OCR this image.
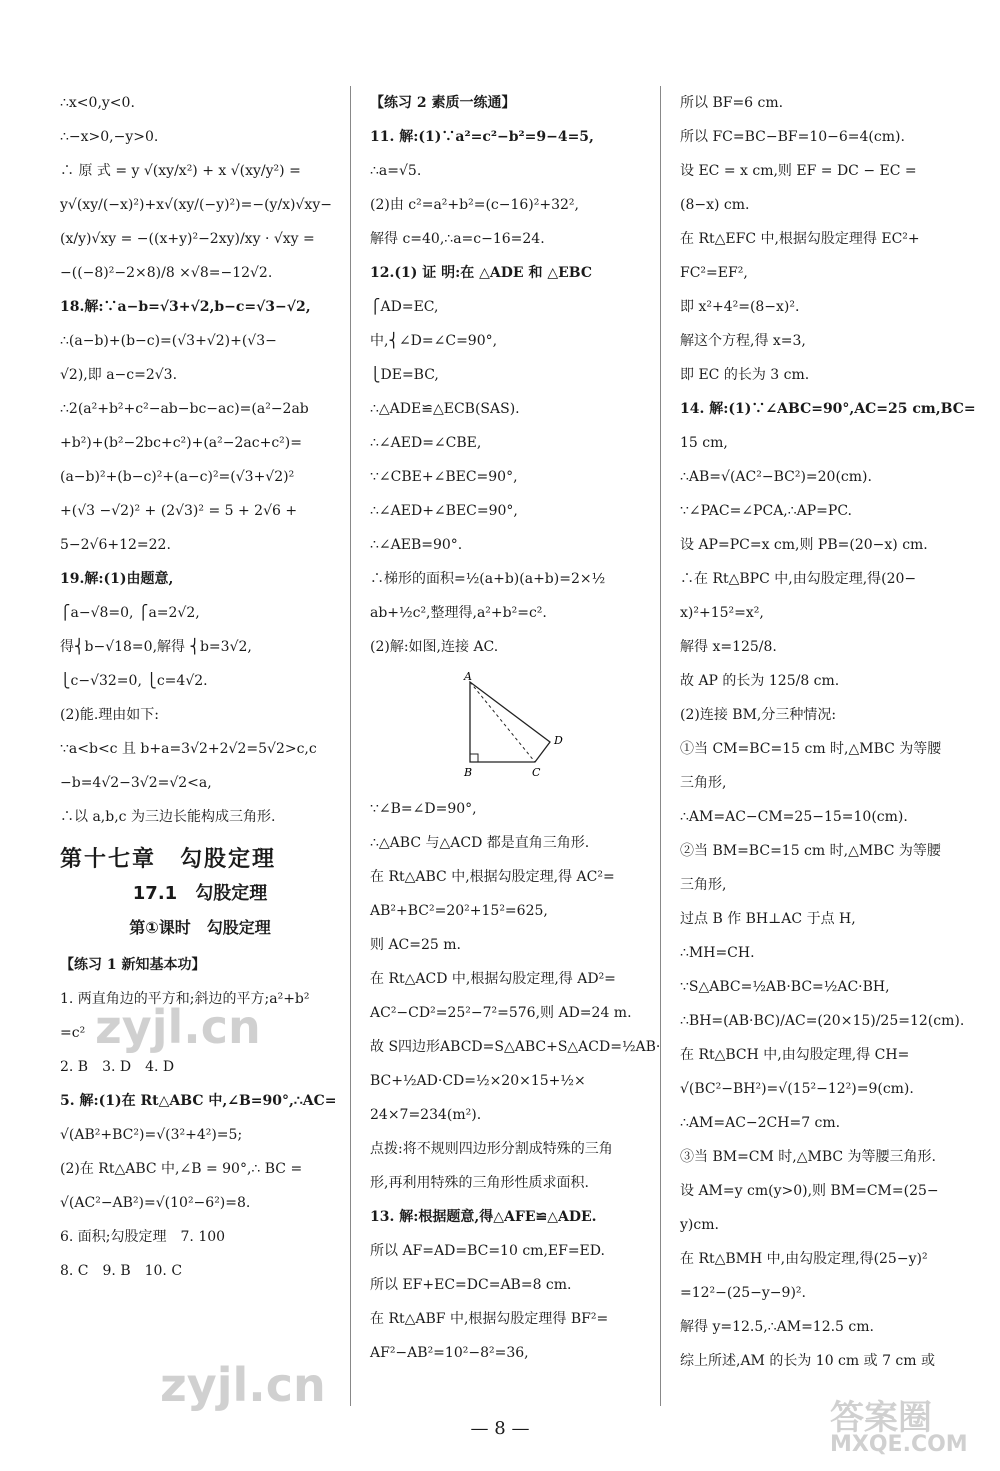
∴x<0,y<0.
∴−x>0,−y>0.
∴ 原 式 = y √(xy/x²) + x √(xy/y²) =
y√(xy/(−x)²)+x√(xy/(−y)²)=−(y/x)√xy−
(x/y)√xy = −((x+y)²−2xy)/xy · √xy =
−((−8)²−2×8)/8 ×√8=−12√2.
18.解:∵a−b=√3+√2,b−c=√3−√2,
∴(a−b)+(b−c)=(√3+√2)+(√3−
√2),即 a−c=2√3.
∴2(a²+b²+c²−ab−bc−ac)=(a²−2ab
+b²)+(b²−2bc+c²)+(a²−2ac+c²)=
(a−b)²+(b−c)²+(a−c)²=(√3+√2)²
+(√3 −√2)² + (2√3)² = 5 + 2√6 +
5−2√6+12=22.
19.解:(1)由题意,
⎧a−√8=0, ⎧a=2√2,
得⎨b−√18=0,解得 ⎨b=3√2,
⎩c−√32=0, ⎩c=4√2.
(2)能.理由如下:
∵a<b<c 且 b+a=3√2+2√2=5√2>c,c
−b=4√2−3√2=√2<a,
∴以 a,b,c 为三边长能构成三角形.
第十七章　勾股定理
17.1　勾股定理
第①课时　勾股定理
【练习 1 新知基本功】
1. 两直角边的平方和;斜边的平方;a²+b²
=c²
2. B　3. D　4. D
5. 解:(1)在 Rt△ABC 中,∠B=90°,∴AC=
√(AB²+BC²)=√(3²+4²)=5;
(2)在 Rt△ABC 中,∠B = 90°,∴ BC =
√(AC²−AB²)=√(10²−6²)=8.
6. 面积;勾股定理　7. 100
8. C　9. B　10. C
【练习 2 素质一练通】
11. 解:(1)∵a²=c²−b²=9−4=5,
∴a=√5.
(2)由 c²=a²+b²=(c−16)²+32²,
解得 c=40,∴a=c−16=24.
12.(1) 证 明:在 △ADE 和 △EBC
⎧AD=EC,
中,⎨∠D=∠C=90°,
⎩DE=BC,
∴△ADE≌△ECB(SAS).
∴∠AED=∠CBE,
∵∠CBE+∠BEC=90°,
∴∠AED+∠BEC=90°,
∴∠AEB=90°.
∴梯形的面积=½(a+b)(a+b)=2×½
ab+½c²,整理得,a²+b²=c².
(2)解:如图,连接 AC.
A
B	C
D
∵∠B=∠D=90°,
∴△ABC 与△ACD 都是直角三角形.
在 Rt△ABC 中,根据勾股定理,得 AC²=
AB²+BC²=20²+15²=625,
则 AC=25 m.
在 Rt△ACD 中,根据勾股定理,得 AD²=
AC²−CD²=25²−7²=576,则 AD=24 m.
故 S四边形ABCD=S△ABC+S△ACD=½AB·
BC+½AD·CD=½×20×15+½×
24×7=234(m²).
点拨:将不规则四边形分割成特殊的三角
形,再利用特殊的三角形性质求面积.
13. 解:根据题意,得△AFE≌△ADE.
所以 AF=AD=BC=10 cm,EF=ED.
所以 EF+EC=DC=AB=8 cm.
在 Rt△ABF 中,根据勾股定理得 BF²=
AF²−AB²=10²−8²=36,
所以 BF=6 cm.
所以 FC=BC−BF=10−6=4(cm).
设 EC = x cm,则 EF = DC − EC =
(8−x) cm.
在 Rt△EFC 中,根据勾股定理得 EC²+
FC²=EF²,
即 x²+4²=(8−x)².
解这个方程,得 x=3,
即 EC 的长为 3 cm.
14. 解:(1)∵∠ABC=90°,AC=25 cm,BC=
15 cm,
∴AB=√(AC²−BC²)=20(cm).
∵∠PAC=∠PCA,∴AP=PC.
设 AP=PC=x cm,则 PB=(20−x) cm.
∴在 Rt△BPC 中,由勾股定理,得(20−
x)²+15²=x²,
解得 x=125/8.
故 AP 的长为 125/8 cm.
(2)连接 BM,分三种情况:
①当 CM=BC=15 cm 时,△MBC 为等腰
三角形,
∴AM=AC−CM=25−15=10(cm).
②当 BM=BC=15 cm 时,△MBC 为等腰
三角形,
过点 B 作 BH⊥AC 于点 H,
∴MH=CH.
∵S△ABC=½AB·BC=½AC·BH,
∴BH=(AB·BC)/AC=(20×15)/25=12(cm).
在 Rt△BCH 中,由勾股定理,得 CH=
√(BC²−BH²)=√(15²−12²)=9(cm).
∴AM=AC−2CH=7 cm.
③当 BM=CM 时,△MBC 为等腰三角形.
设 AM=y cm(y>0),则 BM=CM=(25−
y)cm.
在 Rt△BMH 中,由勾股定理,得(25−y)²
=12²−(25−y−9)².
解得 y=12.5,∴AM=12.5 cm.
综上所述,AM 的长为 10 cm 或 7 cm 或
— 8 —
zyjl.cn
zyjl.cn
答案圈
MXQE.COM
